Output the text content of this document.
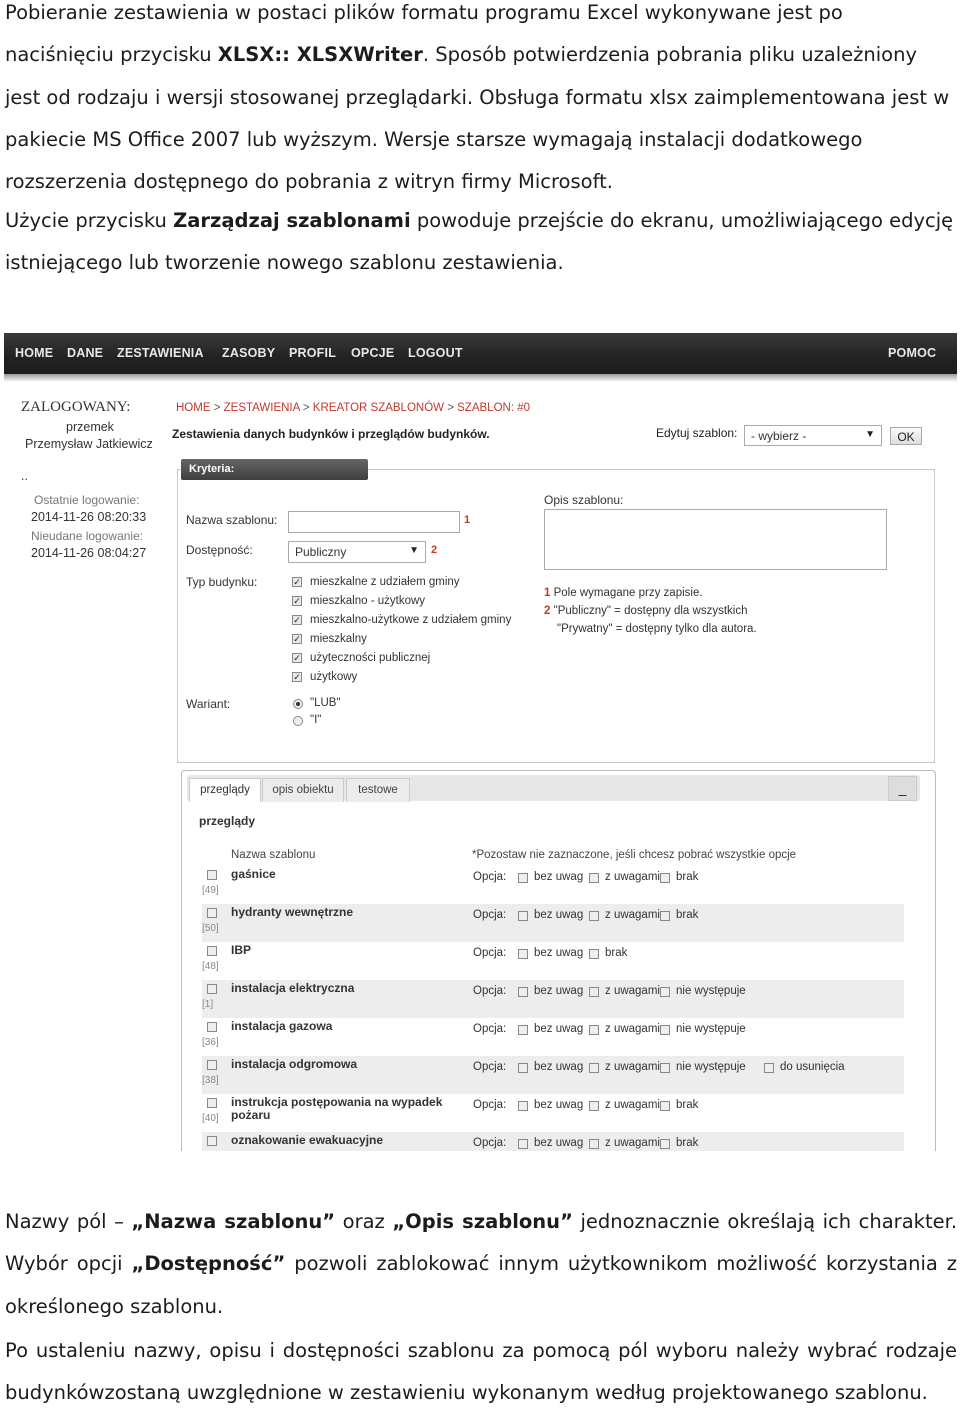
Pobieranie zestawienia w postaci plików formatu programu Excel wykonywane jest po naciśnięciu przycisku XLSX:: XLSXWriter. Sposób potwierdzenia pobrania pliku uzależniony jest od rodzaju i wersji stosowanej przeglądarki. Obsługa formatu xlsx zaimplementowana jest w pakiecie MS Office 2007 lub wyższym. Wersje starsze wymagają instalacji dodatkowego rozszerzenia dostępnego do pobrania z witryn firmy Microsoft.
Użycie przycisku Zarządzaj szablonami powoduje przejście do ekranu, umożliwiającego edycję istniejącego lub tworzenie nowego szablonu zestawienia.
HOME DANE ZESTAWIENIA ZASOBY PROFIL OPCJE LOGOUT	POMOC
ZALOGOWANY:
przemek
Przemysław Jatkiewicz
..
Ostatnie logowanie:
2014-11-26 08:20:33
Nieudane logowanie:
2014-11-26 08:04:27
HOME > ZESTAWIENIA > KREATOR SZABLONÓW > SZABLON: #0
Zestawienia danych budynków i przeglądów budynków.	Edytuj szablon:	- wybierz -	▼	OK
Kryteria:
Nazwa szablonu:	1
Dostępność:	Publiczny	▼ 2
Typ budynku:	✓ mieszkalne z udziałem gminy
✓ mieszkalno - użytkowy
✓ mieszkalno-użytkowe z udziałem gminy
✓ mieszkalny
✓ użyteczności publicznej
✓ użytkowy
Wariant:	"LUB"
"I"
Opis szablonu:
1 Pole wymagane przy zapisie.
2 "Publiczny" = dostępny dla wszystkich
"Prywatny" = dostępny tylko dla autora.
przeglądy	opis obiektu	testowe	_
przeglądy
Nazwa szablonu	*Pozostaw nie zaznaczone, jeśli chcesz pobrać wszystkie opcje
gaśnice
[49]
Opcja: bez uwag z uwagami brak
hydranty wewnętrzne
[50]
Opcja: bez uwag z uwagami brak
IBP
[48]
Opcja: bez uwag brak
instalacja elektryczna
[1]
Opcja: bez uwag z uwagami nie występuje
instalacja gazowa
[36]
Opcja: bez uwag z uwagami nie występuje
instalacja odgromowa
[38]
Opcja: bez uwag z uwagami nie występuje	do usunięcia
instrukcja postępowania na wypadek pożaru
[40]
Opcja: bez uwag z uwagami brak
oznakowanie ewakuacyjne	Opcja: bez uwag z uwagami brak
Nazwy pól – „Nazwa szablonu” oraz „Opis szablonu” jednoznacznie określają ich charakter. Wybór opcji „Dostępność” pozwoli zablokować innym użytkownikom możliwość korzystania z określonego szablonu.
Po ustaleniu nazwy, opisu i dostępności szablonu za pomocą pól wyboru należy wybrać rodzaje budynkówzostaną uwzględnione w zestawieniu wykonanym według projektowanego szablonu.
